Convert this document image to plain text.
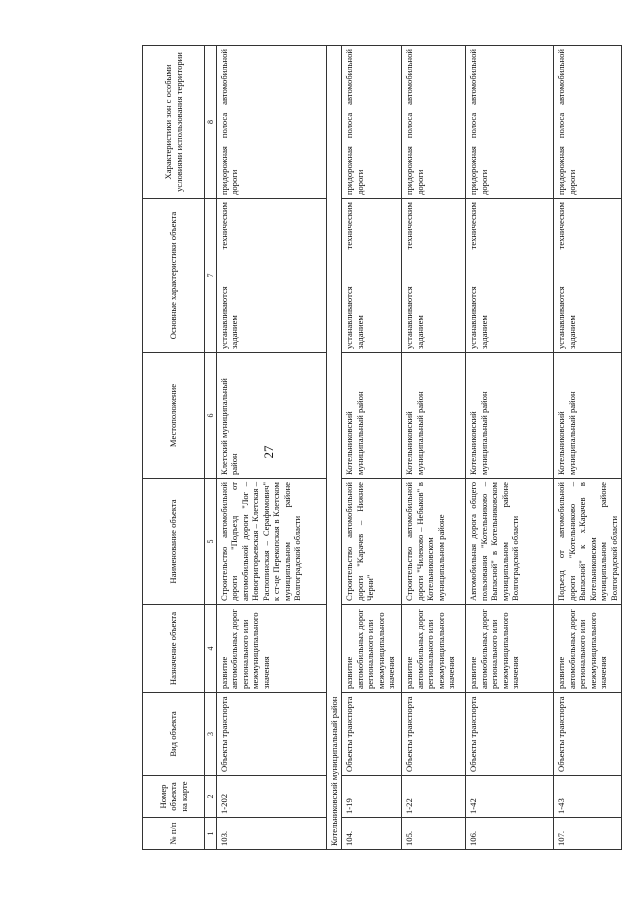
27
№ п/п	Номер объекта на карте	Вид объекта	Назначение объекта	Наименование объекта	Местоположение	Основные характеристики объекта	Характеристики зон с особыми условиями использования территории
1	2	3	4	5	6	7	8
103.	1-202	Объекты транспорта	развитие автомобильных дорог регионального или межмуниципального значения	Строительство автомобильной дороги "Подъезд от автомобильной дороги "Лог – Новогригорьевская – Клетская – Распопинская – Серафимович" к ст-це Перекопская в Клетском муниципальном районе Волгоградской области	Клетский муниципальный район	устанавливаются техническим заданием	придорожная полоса автомобильной дороги
Котельниковский муниципальный район							
104.	1-19	Объекты транспорта	развитие автомобильных дорог регионального или межмуниципального значения	Строительство автомобильной дороги "Карачев – Нижние Черни"	Котельниковский муниципальный район	устанавливаются техническим заданием	придорожная полоса автомобильной дороги
105.	1-22	Объекты транспорта	развитие автомобильных дорог регионального или межмуниципального значения	Строительство автомобильной дороги "Чилеково – Небыков" в Котельниковском муниципальном районе	Котельниковский муниципальный район	устанавливаются техническим заданием	придорожная полоса автомобильной дороги
106.	1-42	Объекты транспорта	развитие автомобильных дорог регионального или межмуниципального значения	Автомобильная дорога общего пользования "Котельниково – Выпасной" в Котельниковском муниципальном районе Волгоградской области	Котельниковский муниципальный район	устанавливаются техническим заданием	придорожная полоса автомобильной дороги
107.	1-43	Объекты транспорта	развитие автомобильных дорог регионального или межмуниципального значения	Подъезд от автомобильной дороги "Котельниково – Выпасной" к х.Карачев в Котельниковском муниципальном районе Волгоградской области	Котельниковский муниципальный район	устанавливаются техническим заданием	придорожная полоса автомобильной дороги
